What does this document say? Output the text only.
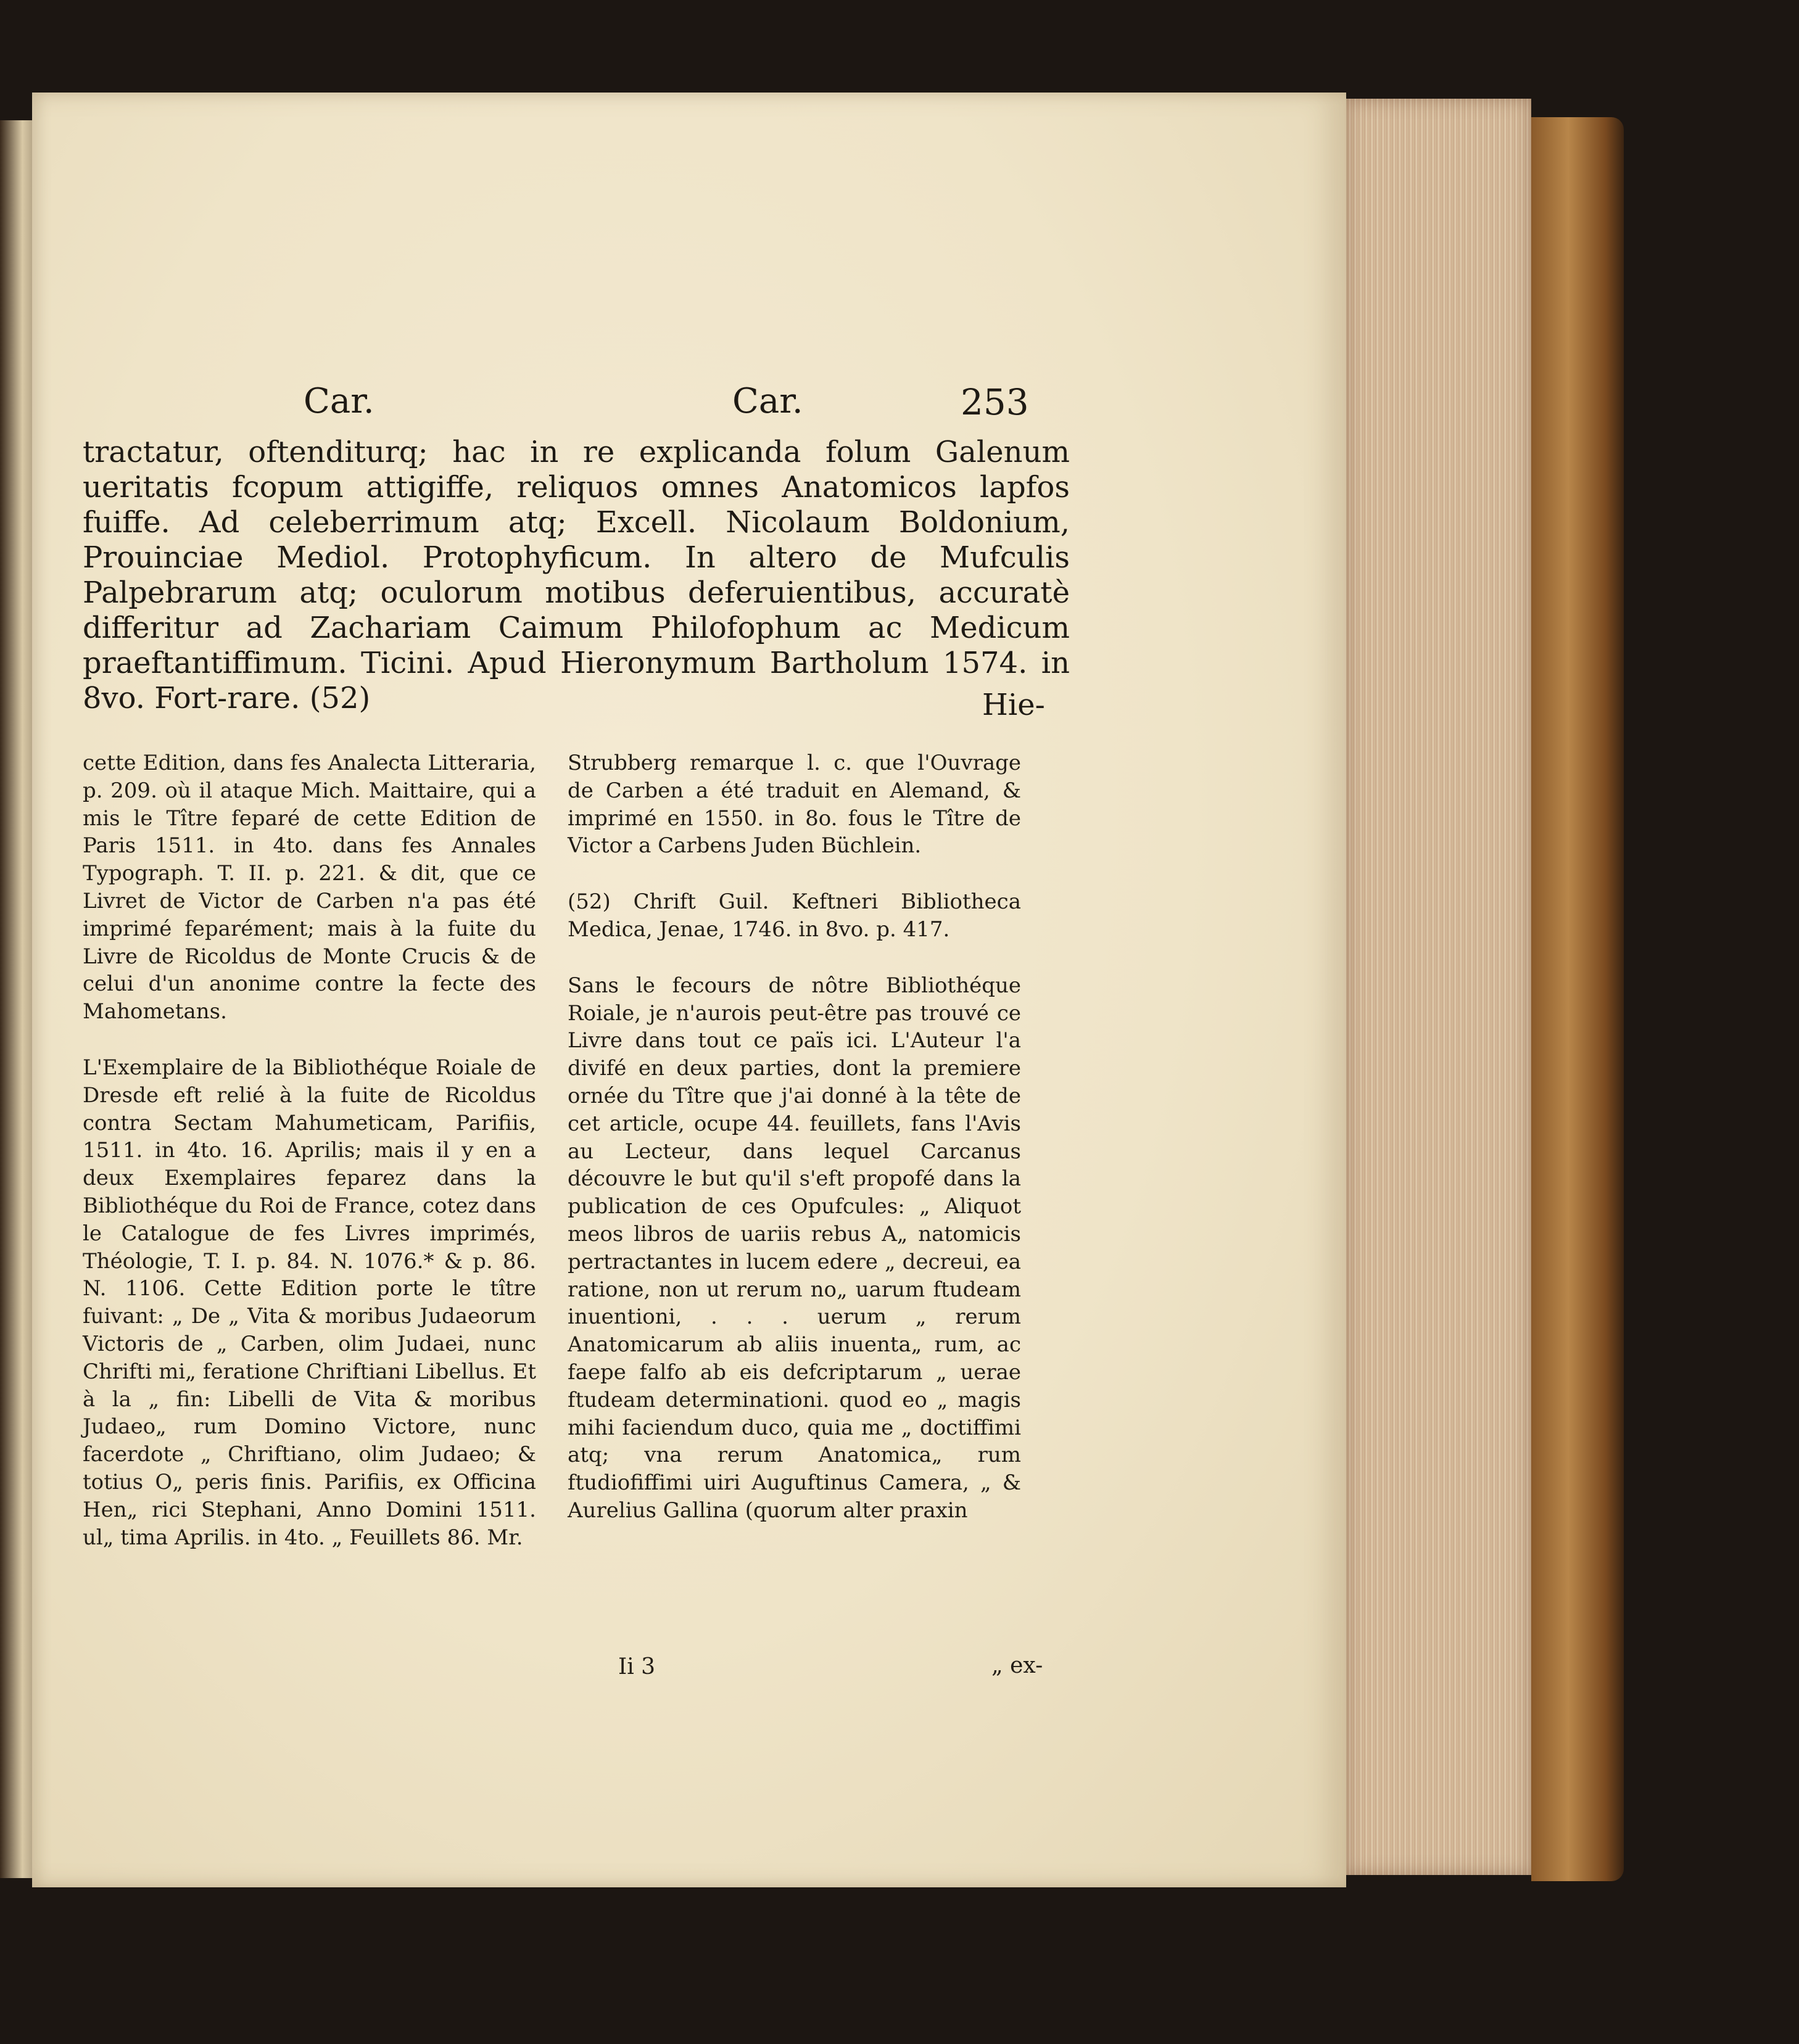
Car.	Car.	253

tractatur, oftenditurq; hac in re explicanda folum Galenum ueritatis fcopum attigiffe, reliquos omnes Anatomicos lapfos fuiffe. Ad celeberrimum atq; Excell. Nicolaum Boldonium, Prouinciae Mediol. Protophyficum. In altero de Mufculis Palpebrarum atq; oculorum motibus deferuientibus, accuratè differitur ad Zachariam Caimum Philofophum ac Medicum praeftantiffimum. Ticini. Apud Hieronymum Bartholum 1574. in 8vo. Fort-rare. (52)	Hie-

cette Edition, dans fes Analecta Litteraria, p. 209. où il ataque Mich. Maittaire, qui a mis le Tître feparé de cette Edition de Paris 1511. in 4to. dans fes Annales Typograph. T. II. p. 221. & dit, que ce Livret de Victor de Carben n'a pas été imprimé feparément; mais à la fuite du Livre de Ricoldus de Monte Crucis & de celui d'un anonime contre la fecte des Mahometans.

L'Exemplaire de la Bibliothéque Roiale de Dresde eft relié à la fuite de Ricoldus contra Sectam Mahumeticam, Parifiis, 1511. in 4to. 16. Aprilis; mais il y en a deux Exemplaires feparez dans la Bibliothéque du Roi de France, cotez dans le Catalogue de fes Livres imprimés, Théologie, T. I. p. 84. N. 1076.* & p. 86. N. 1106. Cette Edition porte le tître fuivant: „ De „ Vita & moribus Judaeorum Victoris de „ Carben, olim Judaei, nunc Chrifti mi„ feratione Chriftiani Libellus. Et à la „ fin: Libelli de Vita & moribus Judaeo„ rum Domino Victore, nunc facerdote „ Chriftiano, olim Judaeo; & totius O„ peris finis. Parifiis, ex Officina Hen„ rici Stephani, Anno Domini 1511. ul„ tima Aprilis. in 4to. „ Feuillets 86. Mr.

Strubberg remarque l. c. que l'Ouvrage de Carben a été traduit en Alemand, & imprimé en 1550. in 8o. fous le Tître de Victor a Carbens Juden Büchlein.

(52) Chrift Guil. Keftneri Bibliotheca Medica, Jenae, 1746. in 8vo. p. 417.

Sans le fecours de nôtre Bibliothéque Roiale, je n'aurois peut-être pas trouvé ce Livre dans tout ce païs ici. L'Auteur l'a divifé en deux parties, dont la premiere ornée du Tître que j'ai donné à la tête de cet article, ocupe 44. feuillets, fans l'Avis au Lecteur, dans lequel Carcanus découvre le but qu'il s'eft propofé dans la publication de ces Opufcules: „ Aliquot meos libros de uariis rebus A„ natomicis pertractantes in lucem edere „ decreui, ea ratione, non ut rerum no„ uarum ftudeam inuentioni, . . . uerum „ rerum Anatomicarum ab aliis inuenta„ rum, ac faepe falfo ab eis defcriptarum „ uerae ftudeam determinationi. quod eo „ magis mihi faciendum duco, quia me „ doctiffimi atq; vna rerum Anatomica„ rum ftudiofiffimi uiri Auguftinus Camera, „ & Aurelius Gallina (quorum alter praxin

Ii 3	„ ex-
